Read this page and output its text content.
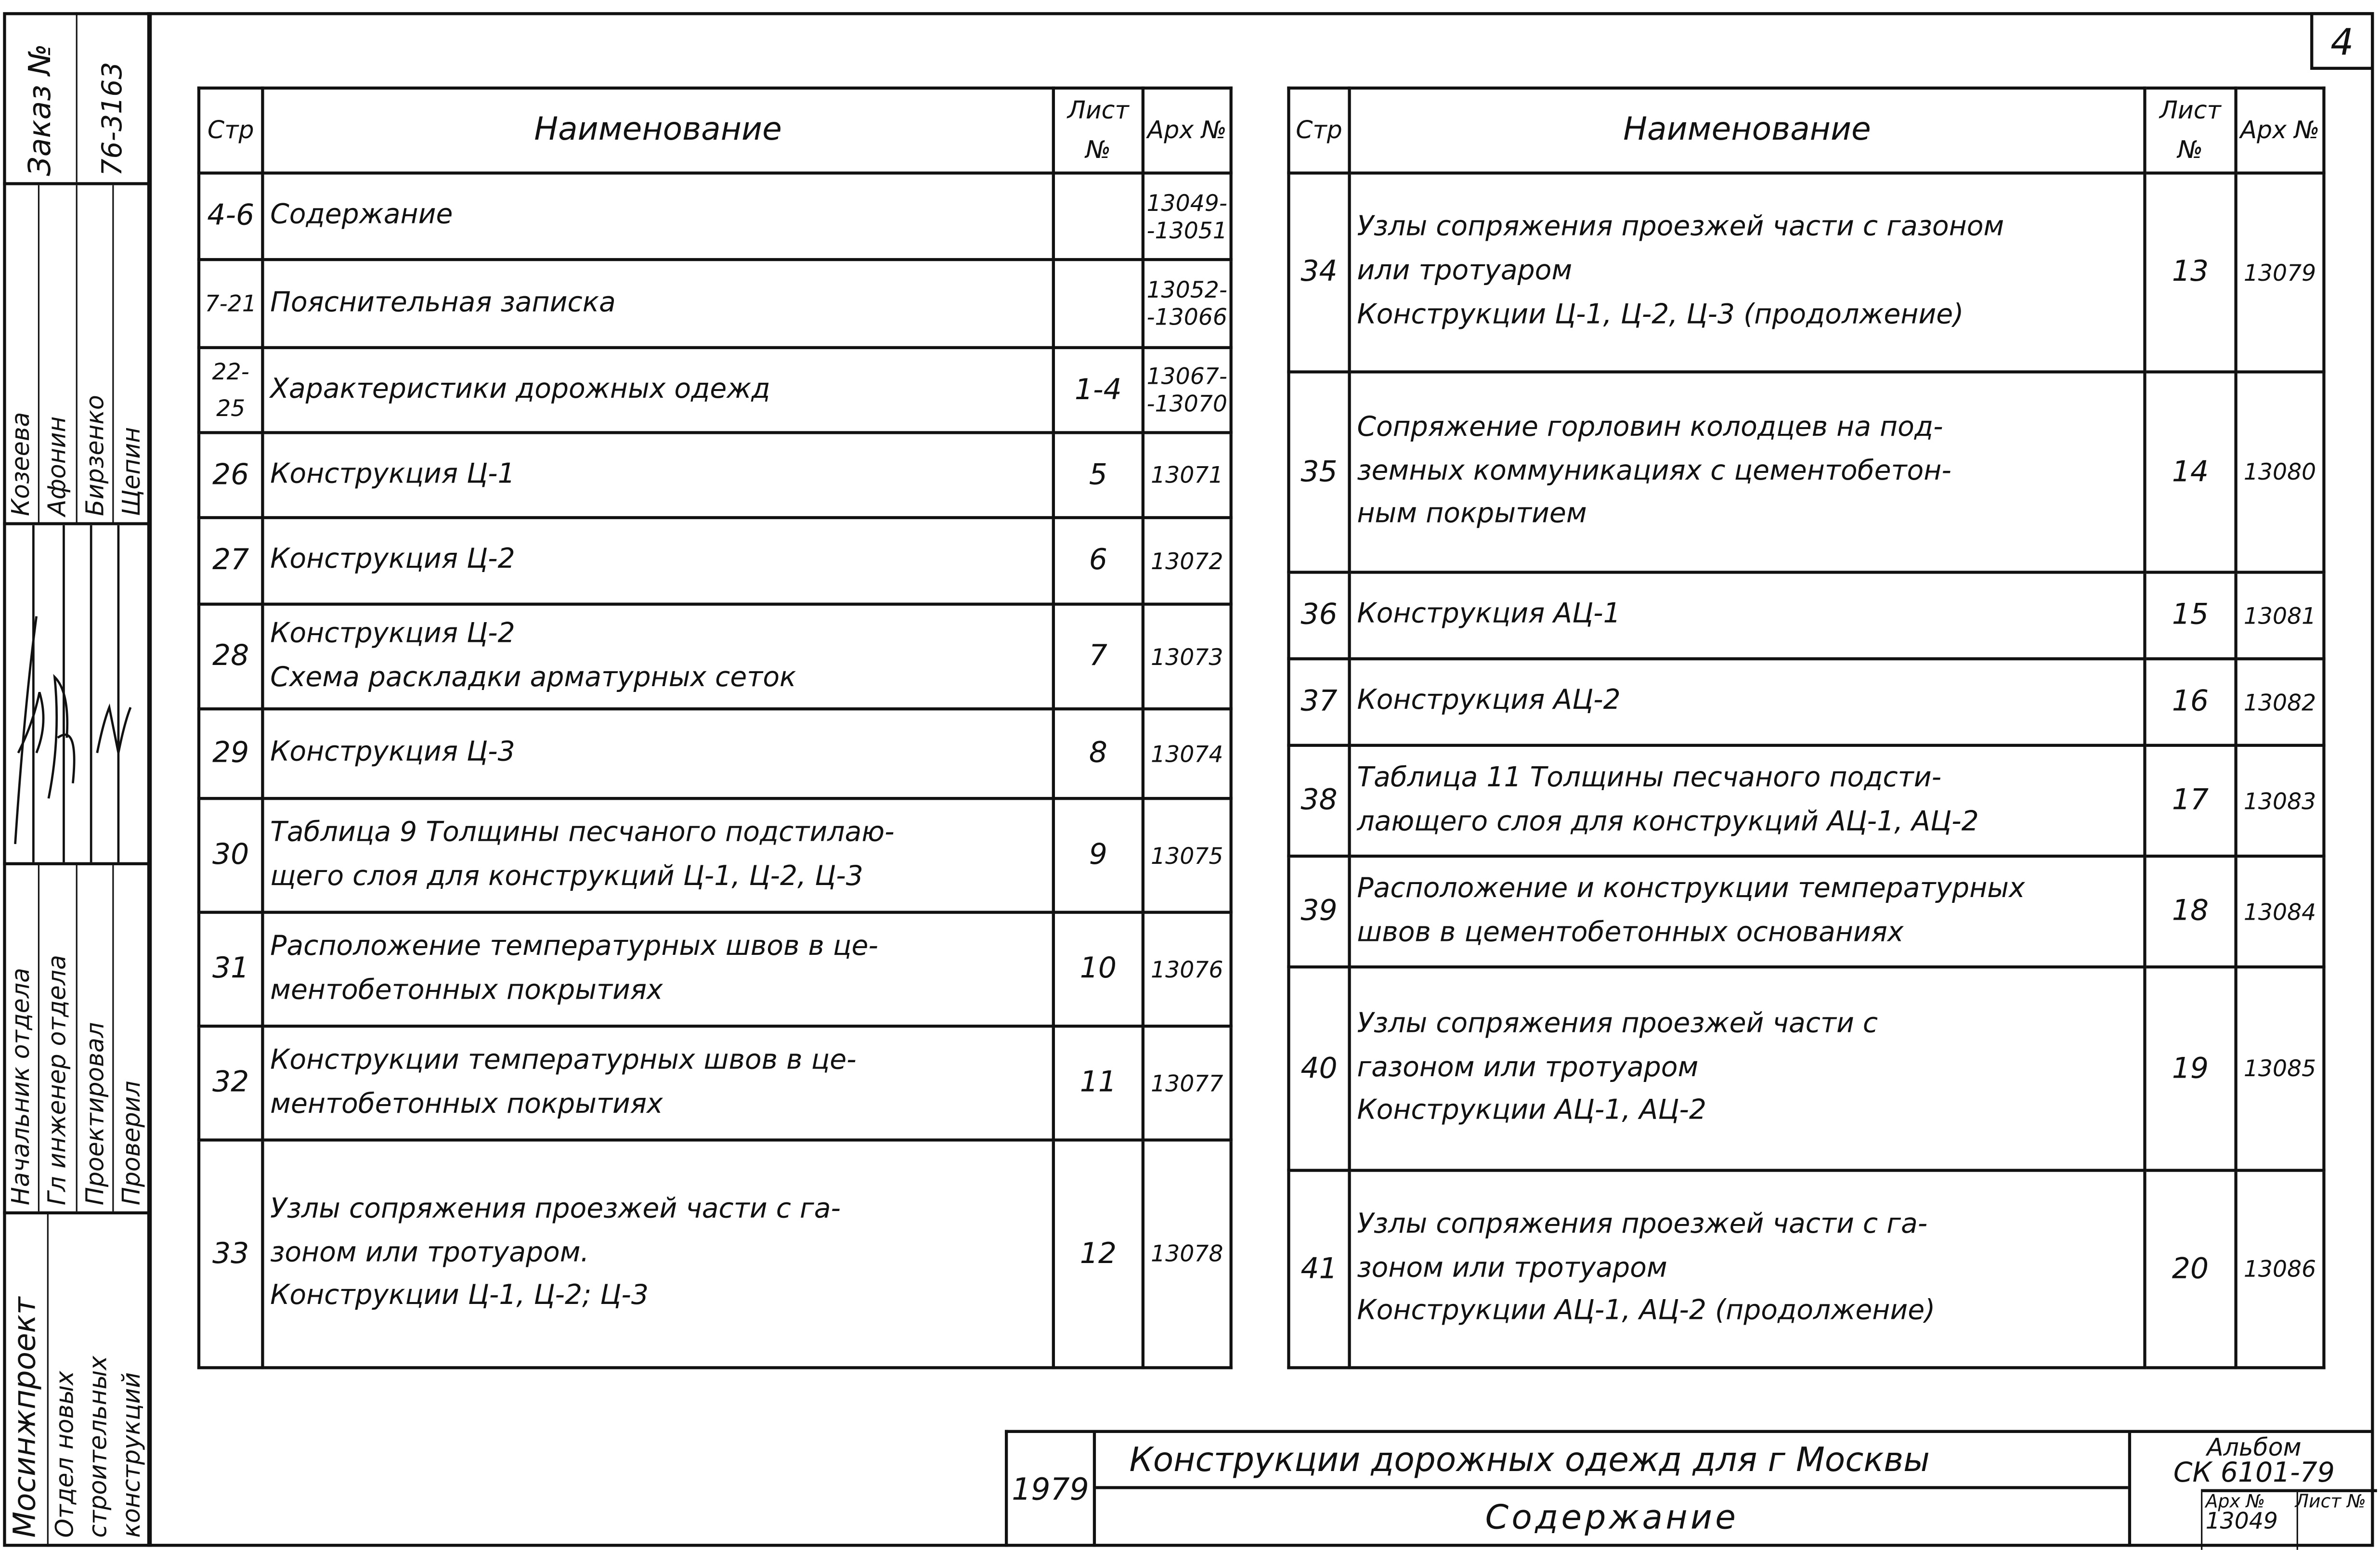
4
Заказ №	76-3163
Козеева	Афонин	Бирзенко	Щепин
Начальник отдела	Гл инженер отдела	Проектировал	Проверил
Мосинжпроект Отдел новых строительных конструкций
Стр	Наименование	Лист №	Арх №
4-6	Содержание		13049-
-13051
7-21	Пояснительная записка		13052-
-13066
22-25	Характеристики дорожных одежд	1-4	13067-
-13070
26	Конструкция Ц-1	5	13071
27	Конструкция Ц-2	6	13072
28	Конструкция Ц-2
Схема раскладки арматурных сеток	7	13073
29	Конструкция Ц-3	8	13074
30	Таблица 9 Толщины песчаного подстилаю-
щего слоя для конструкций Ц-1, Ц-2, Ц-3	9	13075
31	Расположение температурных швов в це-
ментобетонных покрытиях	10	13076
32	Конструкции температурных швов в це-
ментобетонных покрытиях	11	13077
33	Узлы сопряжения проезжей части с га-
зоном или тротуаром.
Конструкции Ц-1, Ц-2; Ц-3	12	13078
Стр	Наименование	Лист №	Арх №
34	Узлы сопряжения проезжей части с газоном
или тротуаром
Конструкции Ц-1, Ц-2, Ц-3 (продолжение)	13	13079
35	Сопряжение горловин колодцев на под-
земных коммуникациях с цементобетон-
ным покрытием	14	13080
36	Конструкция АЦ-1	15	13081
37	Конструкция АЦ-2	16	13082
38	Таблица 11 Толщины песчаного подсти-
лающего слоя для конструкций АЦ-1, АЦ-2	17	13083
39	Расположение и конструкции температурных
швов в цементобетонных основаниях	18	13084
40	Узлы сопряжения проезжей части с
газоном или тротуаром
Конструкции АЦ-1, АЦ-2	19	13085
41	Узлы сопряжения проезжей части с га-
зоном или тротуаром
Конструкции АЦ-1, АЦ-2 (продолжение)	20	13086
1979
Конструкции дорожных одежд для г Москвы
Содержание
Альбом
СК 6101-79
Арх №
13049
Лист №
